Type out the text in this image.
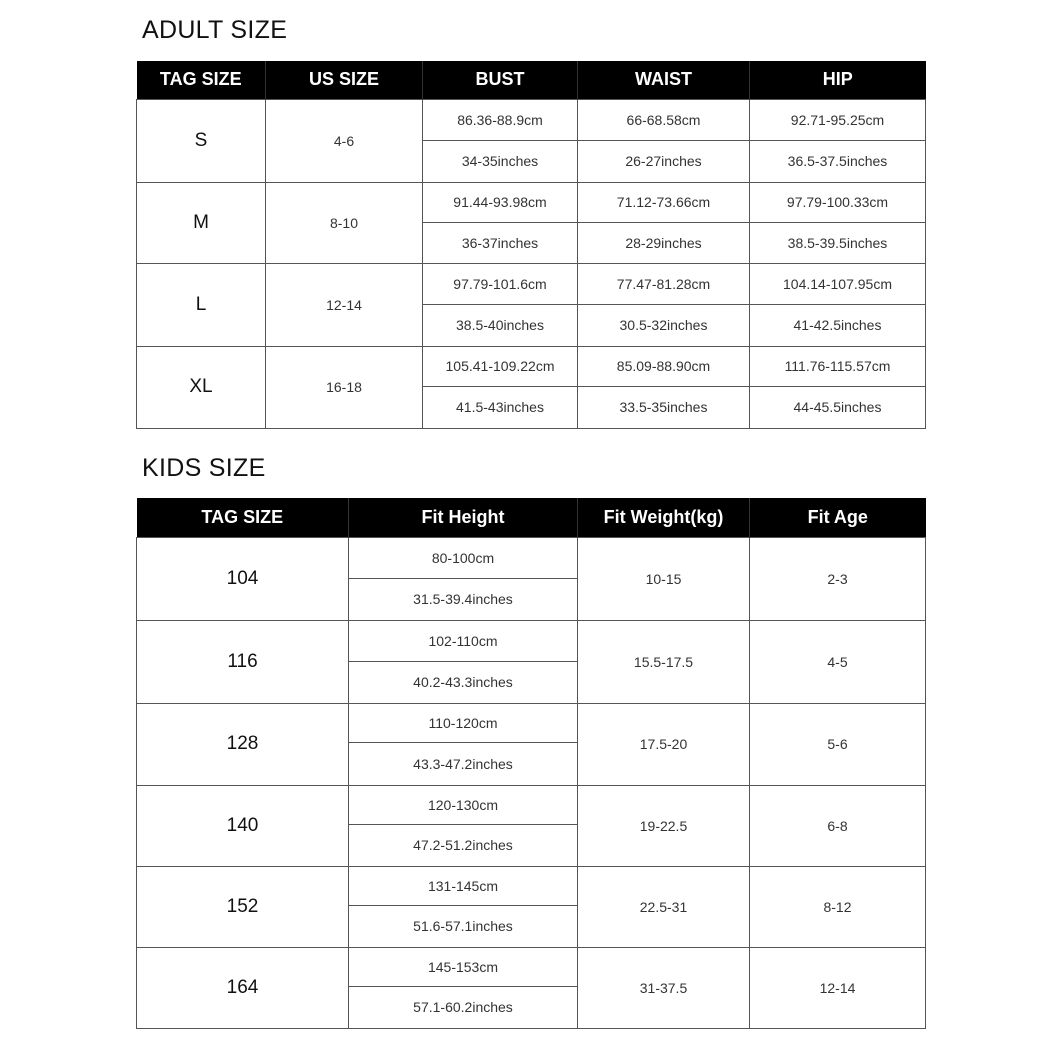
ADULT SIZE
TAG SIZE	US SIZE	BUST	WAIST	HIP
S	4-6	86.36-88.9cm	66-68.58cm	92.71-95.25cm
		34-35inches	26-27inches	36.5-37.5inches
M	8-10	91.44-93.98cm	71.12-73.66cm	97.79-100.33cm
		36-37inches	28-29inches	38.5-39.5inches
L	12-14	97.79-101.6cm	77.47-81.28cm	104.14-107.95cm
		38.5-40inches	30.5-32inches	41-42.5inches
XL	16-18	105.41-109.22cm	85.09-88.90cm	111.76-115.57cm
		41.5-43inches	33.5-35inches	44-45.5inches
KIDS SIZE
TAG SIZE	Fit Height	Fit Weight(kg)	Fit Age
104	80-100cm	10-15	2-3
	31.5-39.4inches		
116	102-110cm	15.5-17.5	4-5
	40.2-43.3inches		
128	110-120cm	17.5-20	5-6
	43.3-47.2inches		
140	120-130cm	19-22.5	6-8
	47.2-51.2inches		
152	131-145cm	22.5-31	8-12
	51.6-57.1inches		
164	145-153cm	31-37.5	12-14
	57.1-60.2inches		
